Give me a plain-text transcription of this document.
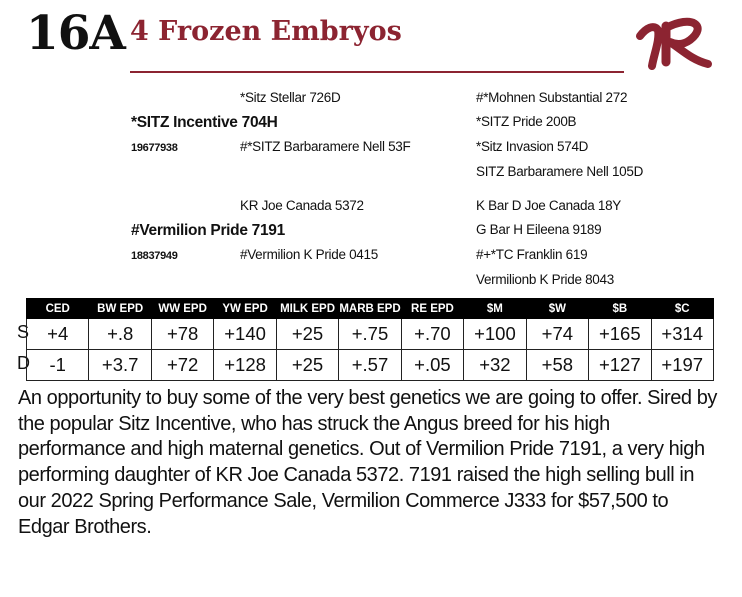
16A 4 Frozen Embryos
*Sitz Stellar 726D
*SITZ Incentive 704H
19677938	#*SITZ Barbaramere Nell 53F
#*Mohnen Substantial 272
*SITZ Pride 200B
*Sitz Invasion 574D
SITZ Barbaramere Nell 105D
KR Joe Canada 5372
#Vermilion Pride 7191
18837949	#Vermilion K Pride 0415
K Bar D Joe Canada 18Y
G Bar H Eileena 9189
#+*TC Franklin 619
Vermilionb K Pride 8043
S
D
CED	BW EPD	WW EPD	YW EPD	MILK EPD	MARB EPD	RE EPD	$M	$W	$B	$C
+4	+.8	+78	+140	+25	+.75	+.70	+100	+74	+165	+314
-1	+3.7	+72	+128	+25	+.57	+.05	+32	+58	+127	+197
An opportunity to buy some of the very best genetics we are going to offer. Sired by the popular Sitz Incentive, who has struck the Angus breed for his high performance and high maternal genetics. Out of Vermilion Pride 7191, a very high performing daughter of KR Joe Canada 5372. 7191 raised the high selling bull in our 2022 Spring Performance Sale, Vermilion Commerce J333 for $57,500 to Edgar Brothers.
